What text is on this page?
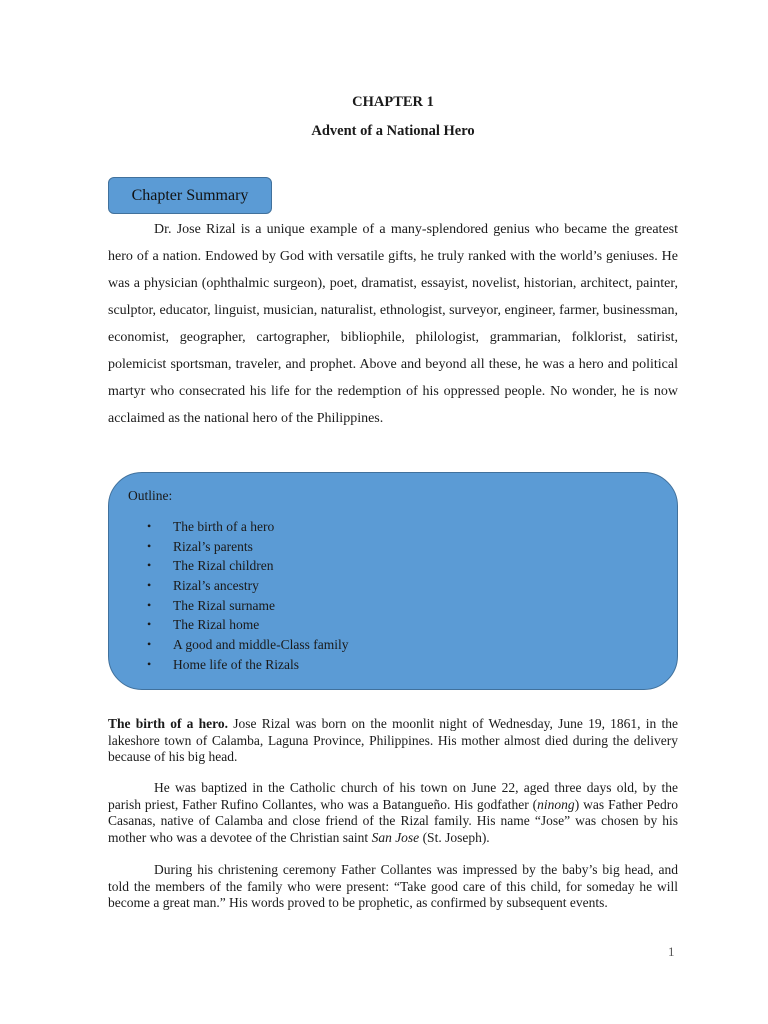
CHAPTER 1
Advent of a National Hero
Chapter Summary

Dr. Jose Rizal is a unique example of a many-splendored genius who became the greatest hero of a nation. Endowed by God with versatile gifts, he truly ranked with the world’s geniuses. He was a physician (ophthalmic surgeon), poet, dramatist, essayist, novelist, historian, architect, painter, sculptor, educator, linguist, musician, naturalist, ethnologist, surveyor, engineer, farmer, businessman, economist, geographer, cartographer, bibliophile, philologist, grammarian, folklorist, satirist, polemicist sportsman, traveler, and prophet. Above and beyond all these, he was a hero and political martyr who consecrated his life for the redemption of his oppressed people. No wonder, he is now acclaimed as the national hero of the Philippines.

Outline:
•	The birth of a hero
•	Rizal’s parents
•	The Rizal children
•	Rizal’s ancestry
•	The Rizal surname
•	The Rizal home
•	A good and middle-Class family
•	Home life of the Rizals

The birth of a hero. Jose Rizal was born on the moonlit night of Wednesday, June 19, 1861, in the lakeshore town of Calamba, Laguna Province, Philippines. His mother almost died during the delivery because of his big head.

He was baptized in the Catholic church of his town on June 22, aged three days old, by the parish priest, Father Rufino Collantes, who was a Batangueño. His godfather (ninong) was Father Pedro Casanas, native of Calamba and close friend of the Rizal family. His name “Jose” was chosen by his mother who was a devotee of the Christian saint San Jose (St. Joseph).

During his christening ceremony Father Collantes was impressed by the baby’s big head, and told the members of the family who were present: “Take good care of this child, for someday he will become a great man.” His words proved to be prophetic, as confirmed by subsequent events.

1
